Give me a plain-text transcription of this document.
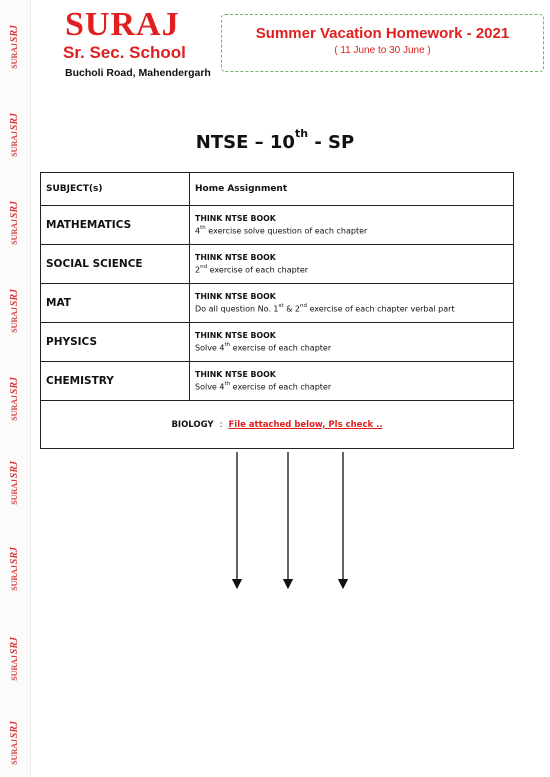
SRJ
SURAJ
SRJ
SURAJ
SRJ
SURAJ
SRJ
SURAJ
SRJ
SURAJ
SRJ
SURAJ
SRJ
SURAJ
SRJ
SURAJ
SRJ
SURAJ
SURAJ
Sr. Sec. School
Bucholi Road, Mahendergarh
Summer Vacation Homework - 2021
( 11 June to 30 June )
NTSE – 10th - SP
SUBJECT(s)	Home Assignment
MATHEMATICS	THINK NTSE BOOK
4th exercise solve question of each chapter

SOCIAL SCIENCE	THINK NTSE BOOK
2nd exercise of each chapter

MAT	THINK NTSE BOOK
Do all question No. 1st & 2nd exercise of each chapter verbal part

PHYSICS	THINK NTSE BOOK
Solve 4th exercise of each chapter

CHEMISTRY	THINK NTSE BOOK
Solve 4th exercise of each chapter

BIOLOGY : File attached below, Pls check ..	
